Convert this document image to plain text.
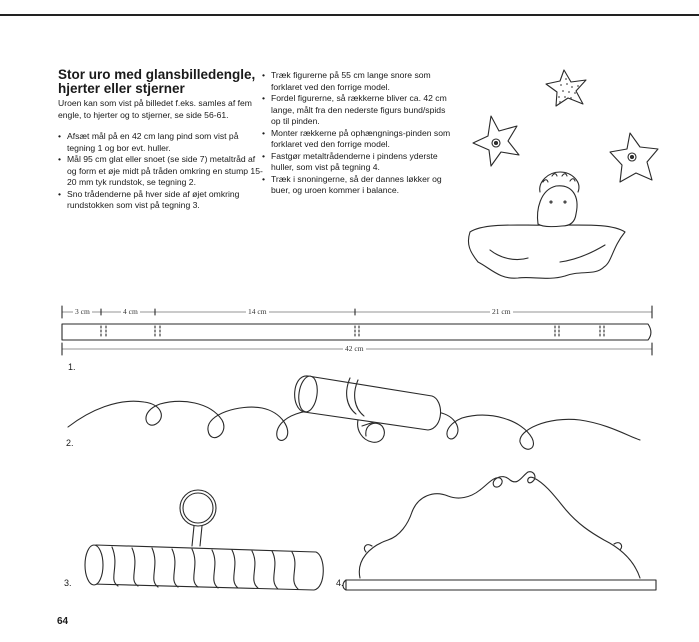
Stor uro med glansbilledengle, hjerter eller stjerner

Uroen kan som vist på billedet f.eks. samles af fem engle, to hjerter og to stjerner, se side 56-61.

• Afsæt mål på en 42 cm lang pind som vist på tegning 1 og bor evt. huller.
• Mål 95 cm glat eller snoet (se side 7) metaltråd af og form et øje midt på tråden omkring en stump 15-20 mm tyk rundstok, se tegning 2.
• Sno trådenderne på hver side af øjet omkring rundstokken som vist på tegning 3.
• Træk figurerne på 55 cm lange snore som forklaret ved den forrige model.
• Fordel figurerne, så rækkerne bliver ca. 42 cm lange, målt fra den nederste figurs bund/spids op til pinden.
• Monter rækkerne på ophængnings-pinden som forklaret ved den forrige model.
• Fastgør metaltrådenderne i pindens yderste huller, som vist på tegning 4.
• Træk i snoningerne, så der dannes løkker og buer, og uroen kommer i balance.
3 cm	4 cm	14 cm	21 cm
42 cm
1.
2.
3.	4.
64
